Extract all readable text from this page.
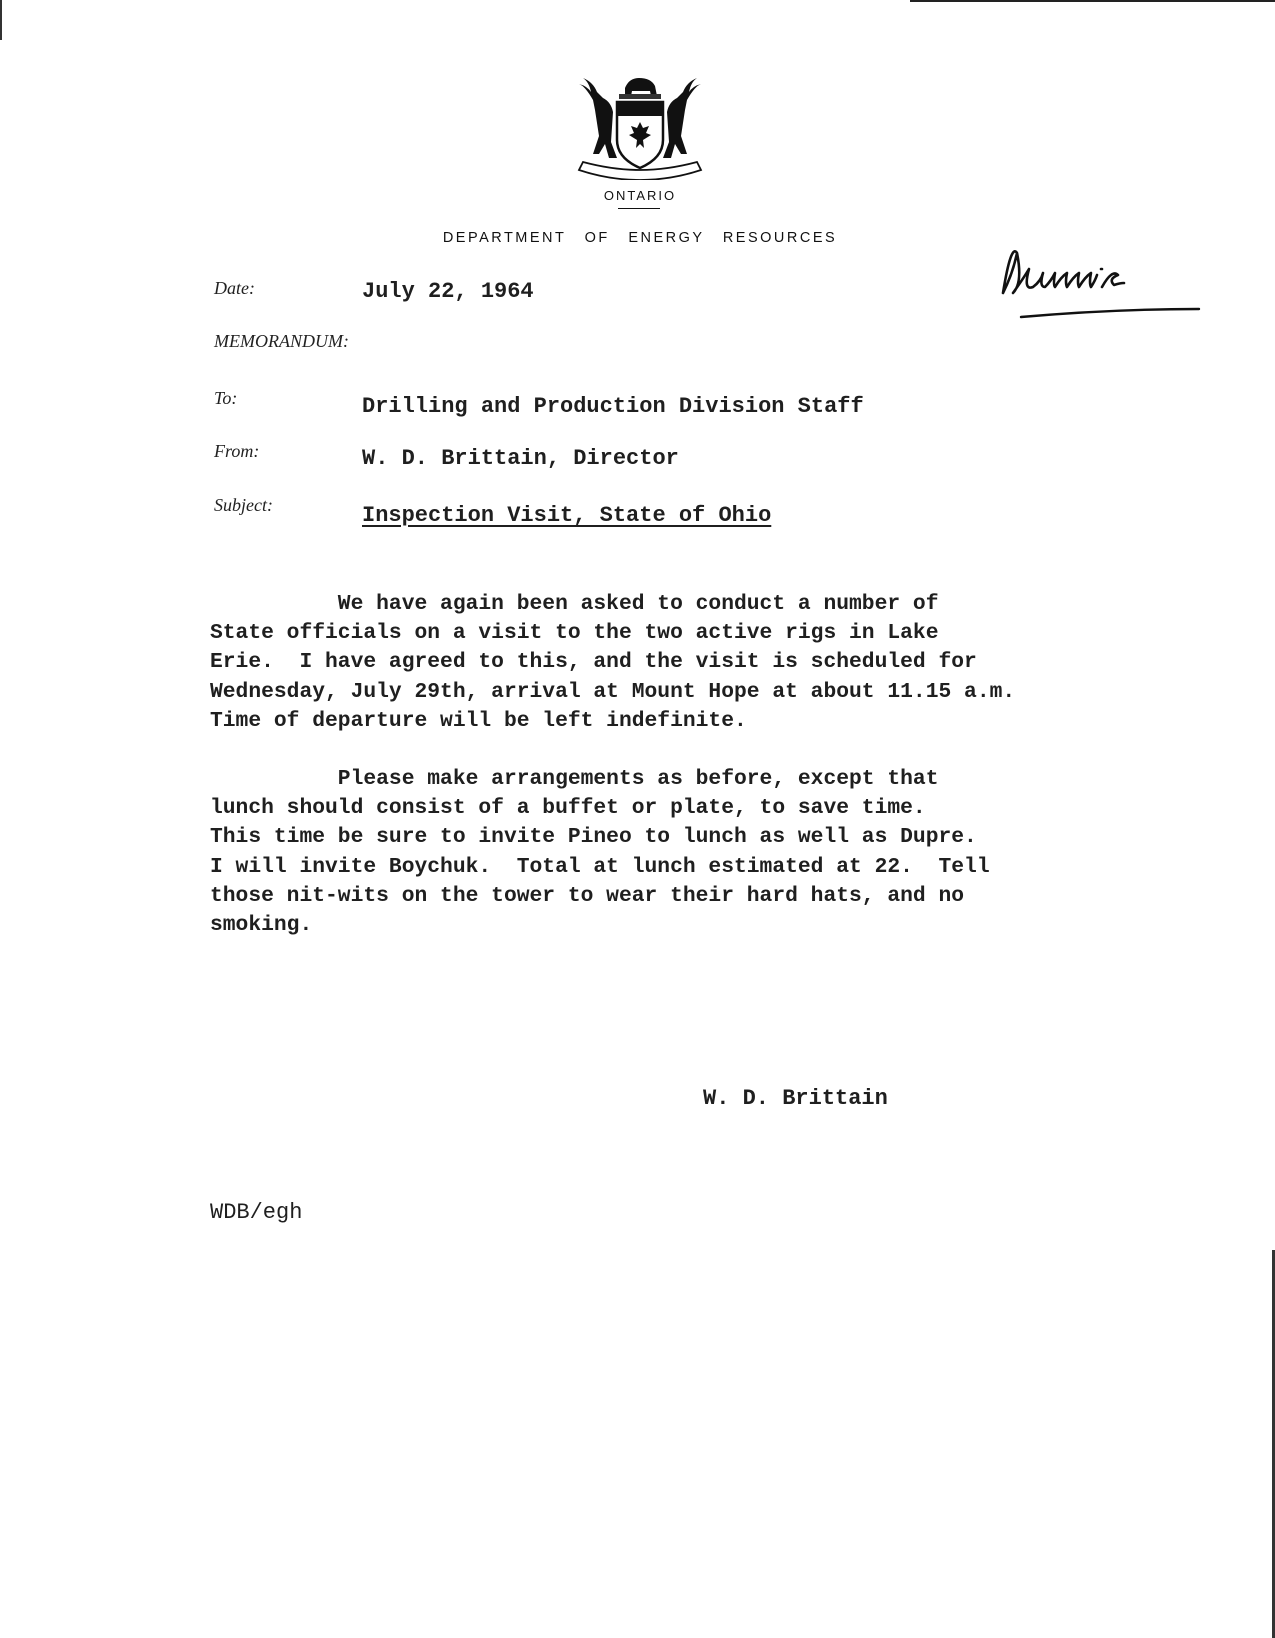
ONTARIO
DEPARTMENT OF ENERGY RESOURCES
Date:	July 22, 1964
MEMORANDUM:
To:	Drilling and Production Division Staff
From:	W. D. Brittain, Director
Subject:	Inspection Visit, State of Ohio

We have again been asked to conduct a number of
State officials on a visit to the two active rigs in Lake
Erie.  I have agreed to this, and the visit is scheduled for
Wednesday, July 29th, arrival at Mount Hope at about 11.15 a.m.
Time of departure will be left indefinite.

Please make arrangements as before, except that
lunch should consist of a buffet or plate, to save time.
This time be sure to invite Pineo to lunch as well as Dupre.
I will invite Boychuk.  Total at lunch estimated at 22.  Tell
those nit-wits on the tower to wear their hard hats, and no
smoking.

W. D. Brittain
WDB/egh
